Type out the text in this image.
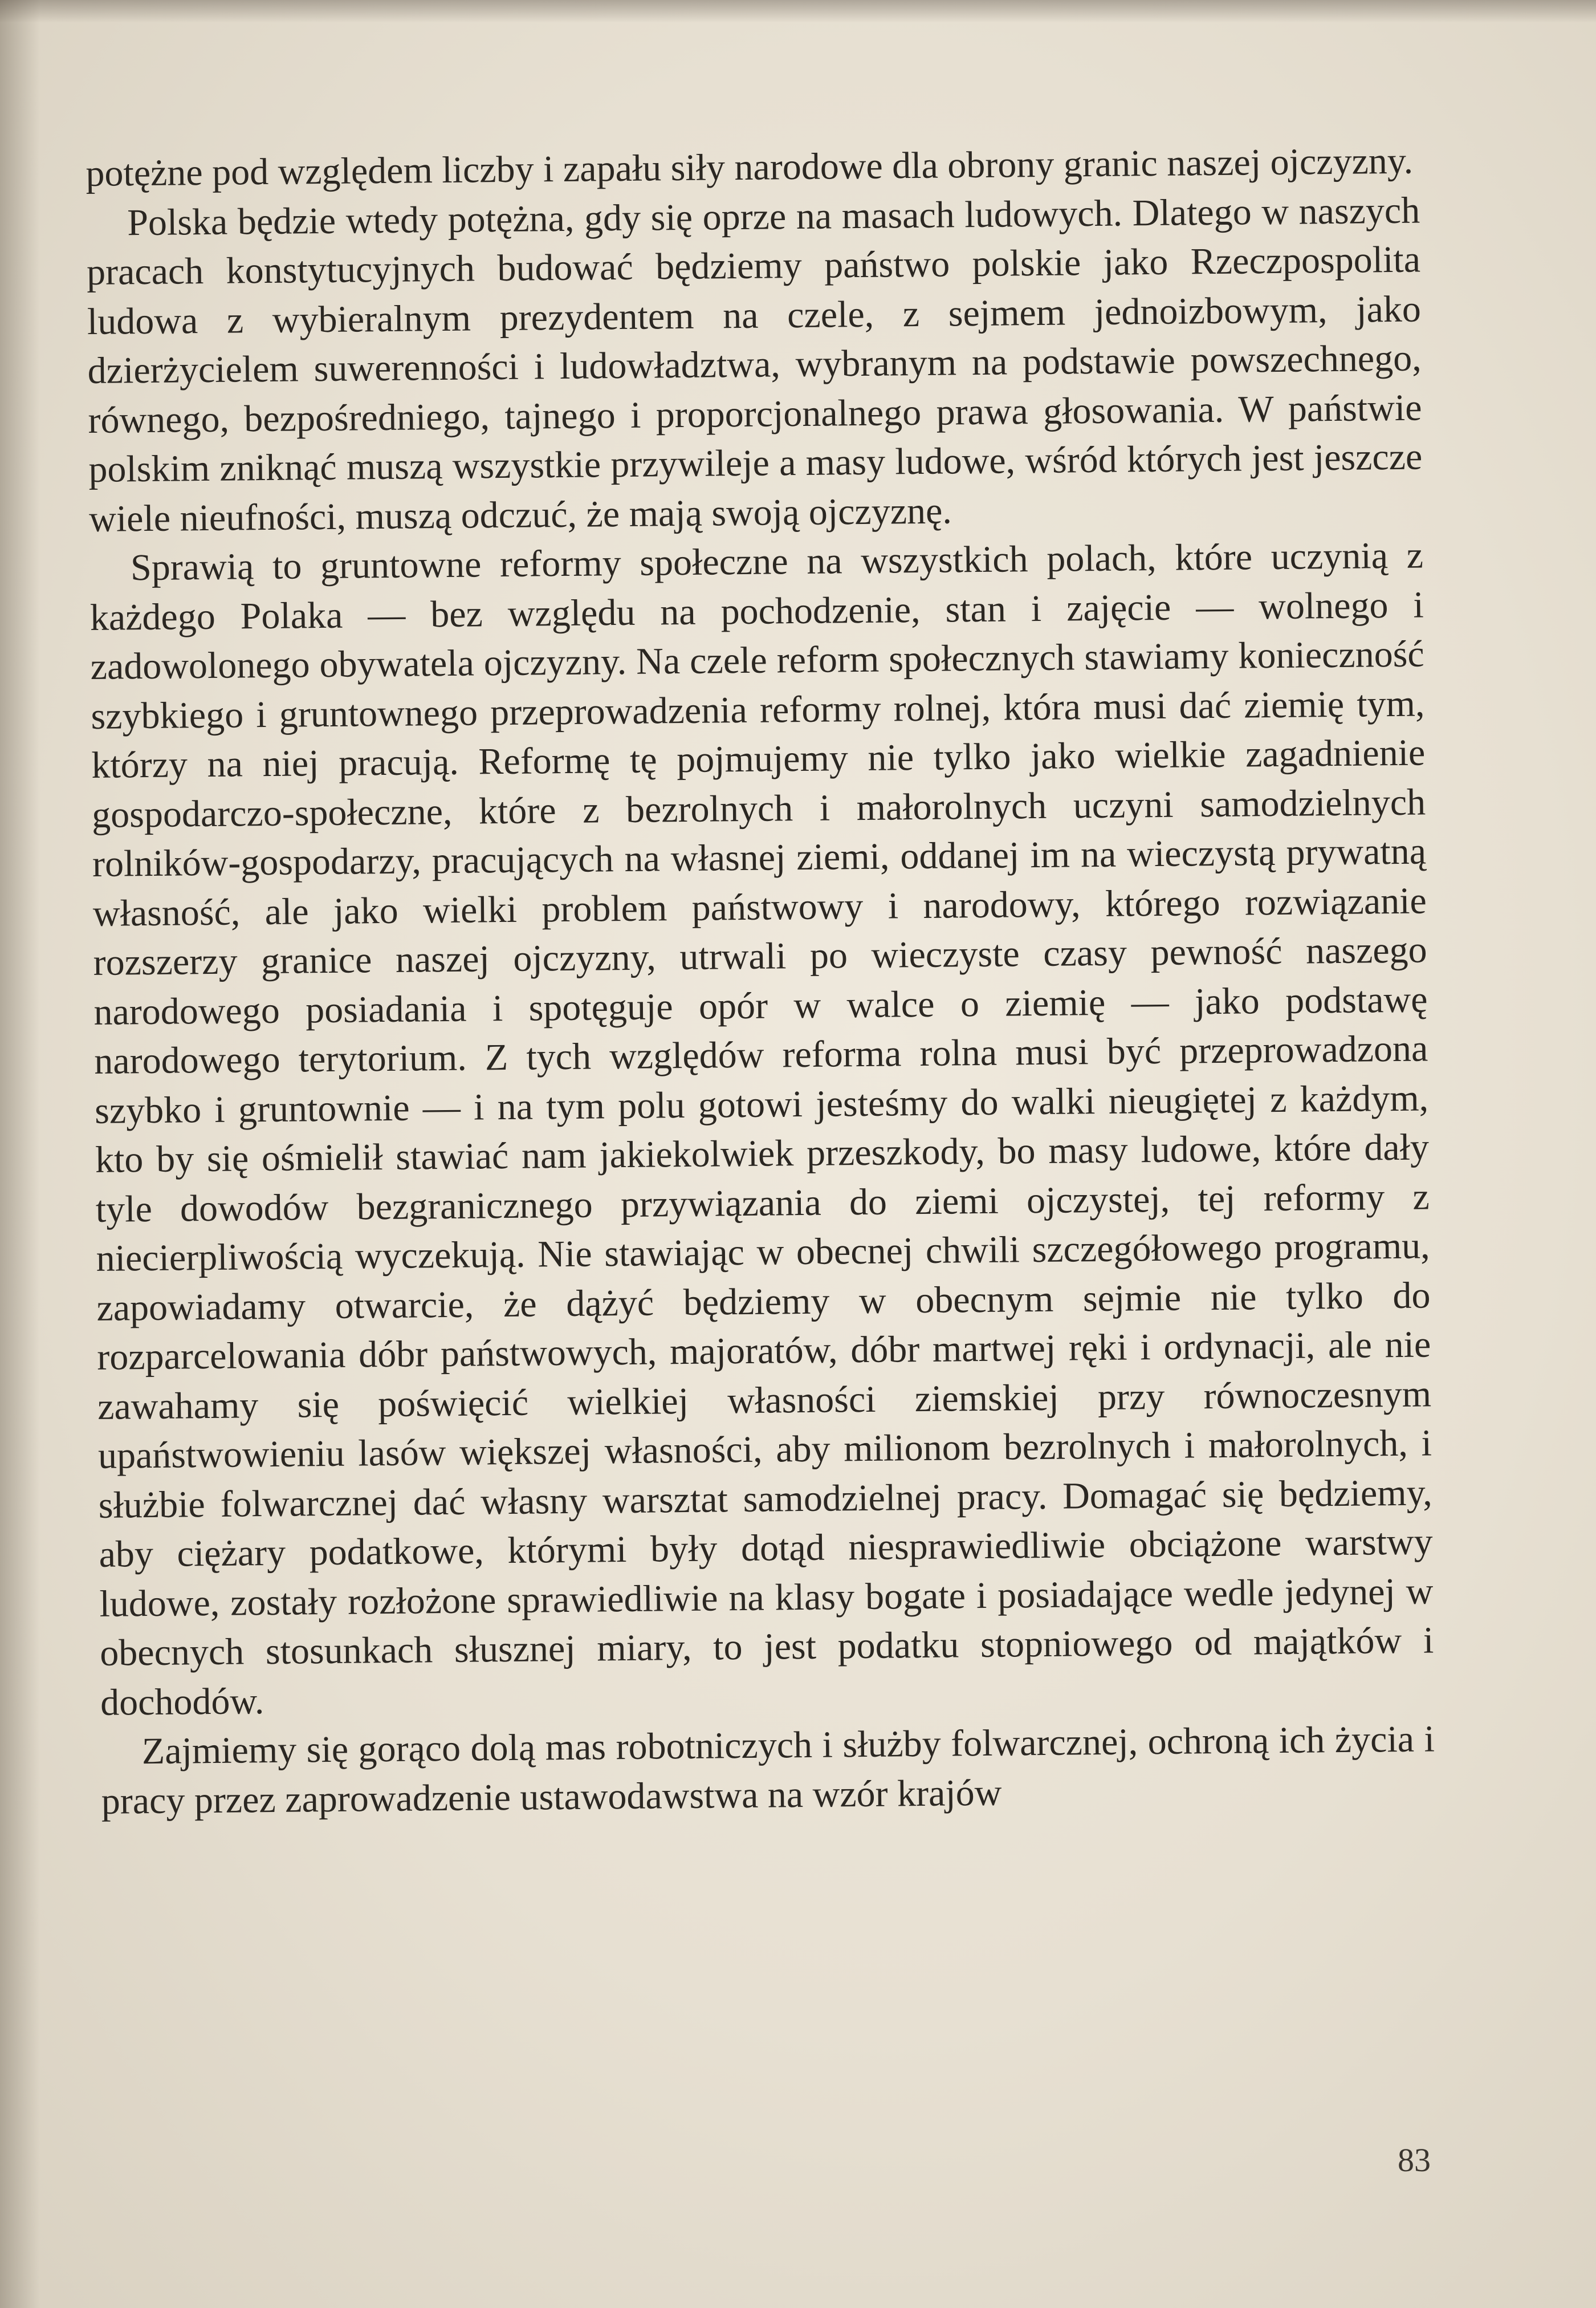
potężne pod względem liczby i zapału siły narodowe dla obrony granic naszej ojczyzny.

Polska będzie wtedy potężna, gdy się oprze na masach ludowych. Dlatego w naszych pracach konstytucyjnych budować będziemy państwo polskie jako Rzeczpospolita ludowa z wybieralnym prezydentem na czele, z sejmem jednoizbowym, jako dzierżycielem suwerenności i ludowładztwa, wybranym na podstawie powszechnego, równego, bezpośredniego, tajnego i proporcjonalnego prawa głosowania. W państwie polskim zniknąć muszą wszystkie przywileje a masy ludowe, wśród których jest jeszcze wiele nieufności, muszą odczuć, że mają swoją ojczyznę.

Sprawią to gruntowne reformy społeczne na wszystkich polach, które uczynią z każdego Polaka — bez względu na pochodzenie, stan i zajęcie — wolnego i zadowolonego obywatela ojczyzny. Na czele reform społecznych stawiamy konieczność szybkiego i gruntownego przeprowadzenia reformy rolnej, która musi dać ziemię tym, którzy na niej pracują. Reformę tę pojmujemy nie tylko jako wielkie zagadnienie gospodarczo-społeczne, które z bezrolnych i małorolnych uczyni samodzielnych rolników-gospodarzy, pracujących na własnej ziemi, oddanej im na wieczystą prywatną własność, ale jako wielki problem państwowy i narodowy, którego rozwiązanie rozszerzy granice naszej ojczyzny, utrwali po wieczyste czasy pewność naszego narodowego posiadania i spotęguje opór w walce o ziemię — jako podstawę narodowego terytorium. Z tych względów reforma rolna musi być przeprowadzona szybko i gruntownie — i na tym polu gotowi jesteśmy do walki nieugiętej z każdym, kto by się ośmielił stawiać nam jakiekolwiek przeszkody, bo masy ludowe, które dały tyle dowodów bezgranicznego przywiązania do ziemi ojczystej, tej reformy z niecierpliwością wyczekują. Nie stawiając w obecnej chwili szczegółowego programu, zapowiadamy otwarcie, że dążyć będziemy w obecnym sejmie nie tylko do rozparcelowania dóbr państwowych, majoratów, dóbr martwej ręki i ordynacji, ale nie zawahamy się poświęcić wielkiej własności ziemskiej przy równoczesnym upaństwowieniu lasów większej własności, aby milionom bezrolnych i małorolnych, i służbie folwarcznej dać własny warsztat samodzielnej pracy. Domagać się będziemy, aby ciężary podatkowe, którymi były dotąd niesprawiedliwie obciążone warstwy ludowe, zostały rozłożone sprawiedliwie na klasy bogate i posiadające wedle jedynej w obecnych stosunkach słusznej miary, to jest podatku stopniowego od majątków i dochodów.

Zajmiemy się gorąco dolą mas robotniczych i służby folwarcznej, ochroną ich życia i pracy przez zaprowadzenie ustawodawstwa na wzór krajów

83
